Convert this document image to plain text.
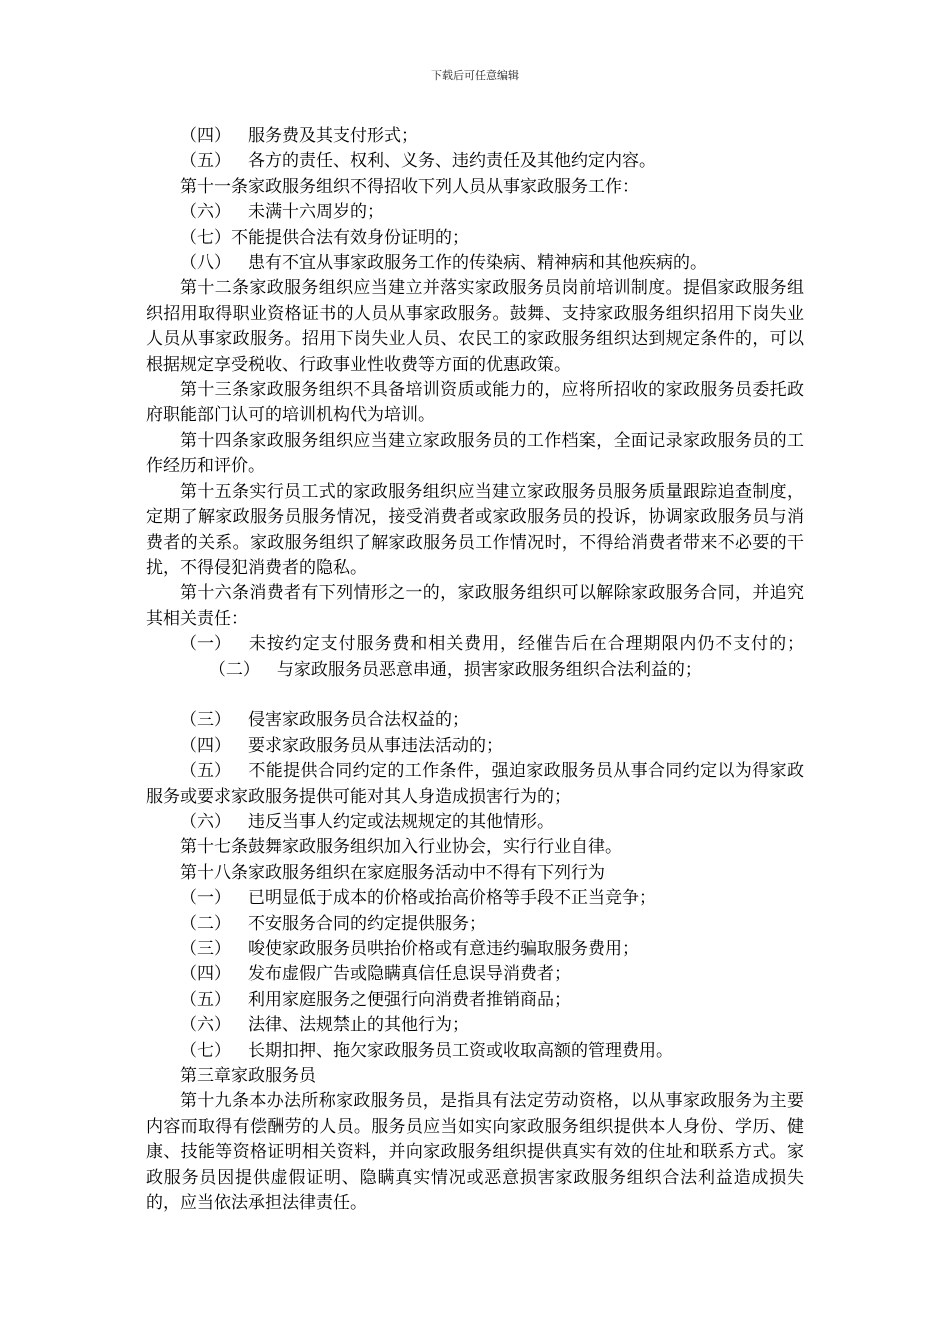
下载后可任意编辑
（四） 服务费及其支付形式；
（五） 各方的责任、权利、义务、违约责任及其他约定内容。
第十一条家政服务组织不得招收下列人员从事家政服务工作：
（六） 未满十六周岁的；
（七）不能提供合法有效身份证明的；
（八） 患有不宜从事家政服务工作的传染病、精神病和其他疾病的。
第十二条家政服务组织应当建立并落实家政服务员岗前培训制度。提倡家政服务组织招用取得职业资格证书的人员从事家政服务。鼓舞、支持家政服务组织招用下岗失业人员从事家政服务。招用下岗失业人员、农民工的家政服务组织达到规定条件的，可以根据规定享受税收、行政事业性收费等方面的优惠政策。
第十三条家政服务组织不具备培训资质或能力的，应将所招收的家政服务员委托政府职能部门认可的培训机构代为培训。
第十四条家政服务组织应当建立家政服务员的工作档案，全面记录家政服务员的工作经历和评价。
第十五条实行员工式的家政服务组织应当建立家政服务员服务质量跟踪追查制度，定期了解家政服务员服务情况，接受消费者或家政服务员的投诉，协调家政服务员与消费者的关系。家政服务组织了解家政服务员工作情况时，不得给消费者带来不必要的干扰，不得侵犯消费者的隐私。
第十六条消费者有下列情形之一的，家政服务组织可以解除家政服务合同，并追究其相关责任：
（一） 未按约定支付服务费和相关费用，经催告后在合理期限内仍不支付的；（二） 与家政服务员恶意串通，损害家政服务组织合法利益的；
（三） 侵害家政服务员合法权益的；
（四） 要求家政服务员从事违法活动的；
（五） 不能提供合同约定的工作条件，强迫家政服务员从事合同约定以为得家政服务或要求家政服务提供可能对其人身造成损害行为的；
（六） 违反当事人约定或法规规定的其他情形。
第十七条鼓舞家政服务组织加入行业协会，实行行业自律。
第十八条家政服务组织在家庭服务活动中不得有下列行为
（一） 已明显低于成本的价格或抬高价格等手段不正当竞争；
（二） 不安服务合同的约定提供服务；
（三） 唆使家政服务员哄抬价格或有意违约骗取服务费用；
（四） 发布虚假广告或隐瞒真信任息误导消费者；
（五） 利用家庭服务之便强行向消费者推销商品；
（六） 法律、法规禁止的其他行为；
（七） 长期扣押、拖欠家政服务员工资或收取高额的管理费用。
第三章家政服务员
第十九条本办法所称家政服务员，是指具有法定劳动资格，以从事家政服务为主要内容而取得有偿酬劳的人员。服务员应当如实向家政服务组织提供本人身份、学历、健康、技能等资格证明相关资料，并向家政服务组织提供真实有效的住址和联系方式。家政服务员因提供虚假证明、隐瞒真实情况或恶意损害家政服务组织合法利益造成损失的，应当依法承担法律责任。
